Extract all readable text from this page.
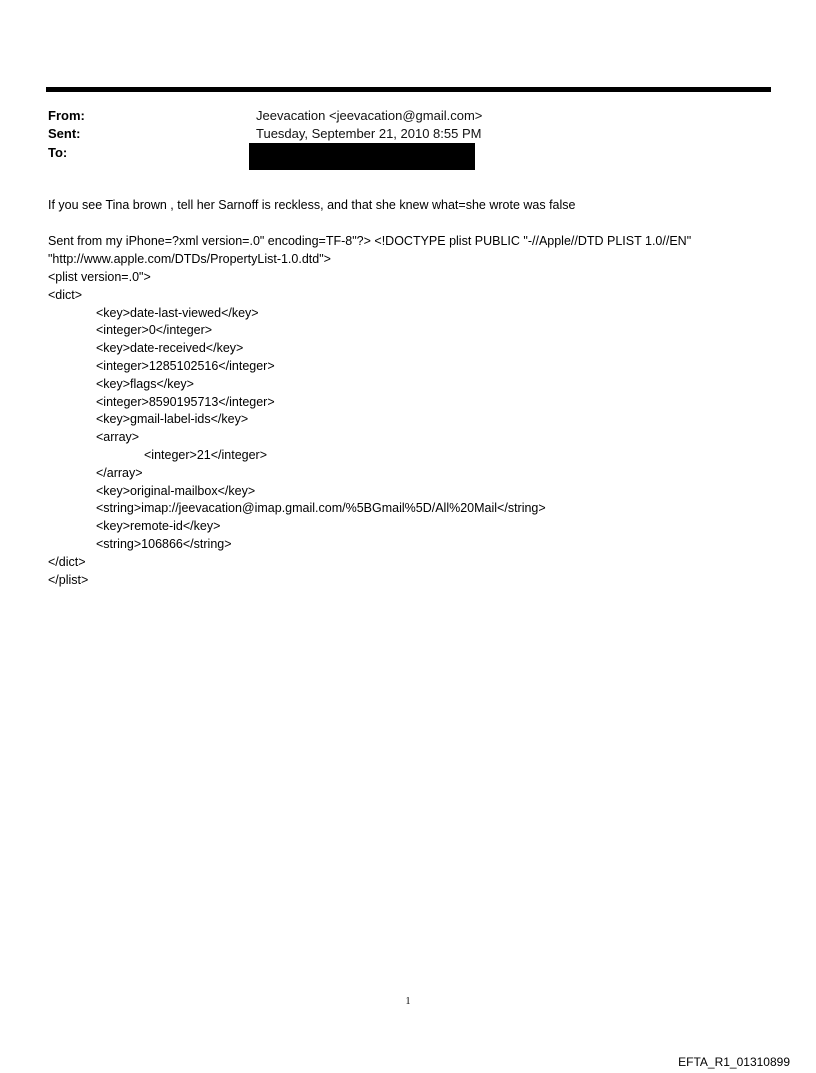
From:	Jeevacation <jeevacation@gmail.com>
Sent:	Tuesday, September 21, 2010 8:55 PM
To:
If you see Tina brown , tell her Sarnoff is reckless, and that she knew what=she wrote was false
Sent from my iPhone=?xml version=.0" encoding=TF-8"?> <!DOCTYPE plist PUBLIC "-//Apple//DTD PLIST 1.0//EN"
"http://www.apple.com/DTDs/PropertyList-1.0.dtd">
<plist version=.0">
<dict>
<key>date-last-viewed</key>
<integer>0</integer>
<key>date-received</key>
<integer>1285102516</integer>
<key>flags</key>
<integer>8590195713</integer>
<key>gmail-label-ids</key>
<array>
<integer>21</integer>
</array>
<key>original-mailbox</key>
<string>imap://jeevacation@imap.gmail.com/%5BGmail%5D/All%20Mail</string>
<key>remote-id</key>
<string>106866</string>
</dict>
</plist>
1
EFTA_R1_01310899
